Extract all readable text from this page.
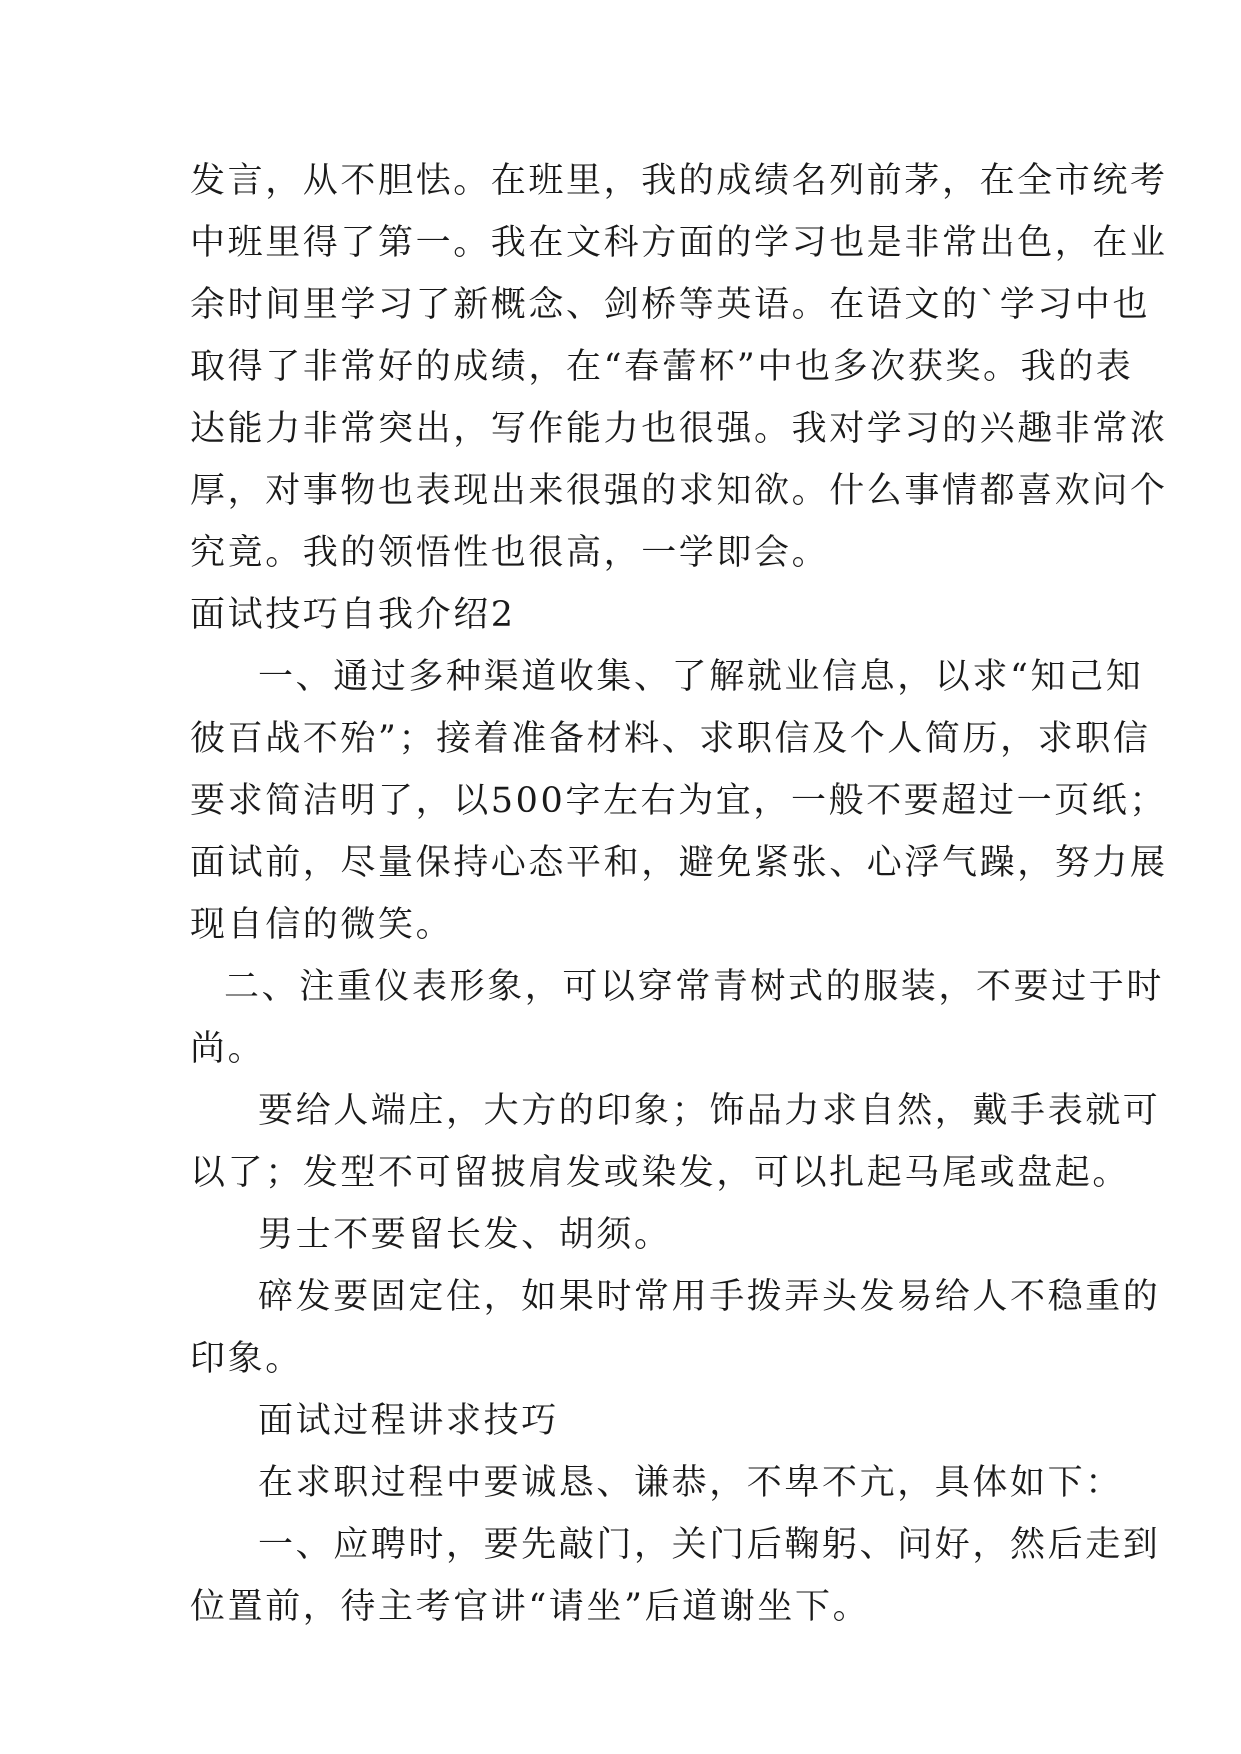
发言，从不胆怯。在班里，我的成绩名列前茅，在全市统考
中班里得了第一。我在文科方面的学习也是非常出色，在业
余时间里学习了新概念、剑桥等英语。在语文的`学习中也
取得了非常好的成绩，在“春蕾杯”中也多次获奖。我的表
达能力非常突出，写作能力也很强。我对学习的兴趣非常浓
厚，对事物也表现出来很强的求知欲。什么事情都喜欢问个
究竟。我的领悟性也很高，一学即会。
面试技巧自我介绍2
一、通过多种渠道收集、了解就业信息，以求“知己知
彼百战不殆”；接着准备材料、求职信及个人简历，求职信
要求简洁明了，以500字左右为宜，一般不要超过一页纸；
面试前，尽量保持心态平和，避免紧张、心浮气躁，努力展
现自信的微笑。
二、注重仪表形象，可以穿常青树式的服装，不要过于时
尚。
要给人端庄，大方的印象；饰品力求自然，戴手表就可
以了；发型不可留披肩发或染发，可以扎起马尾或盘起。
男士不要留长发、胡须。
碎发要固定住，如果时常用手拨弄头发易给人不稳重的
印象。
面试过程讲求技巧
在求职过程中要诚恳、谦恭，不卑不亢，具体如下：
一、应聘时，要先敲门，关门后鞠躬、问好，然后走到
位置前，待主考官讲“请坐”后道谢坐下。
